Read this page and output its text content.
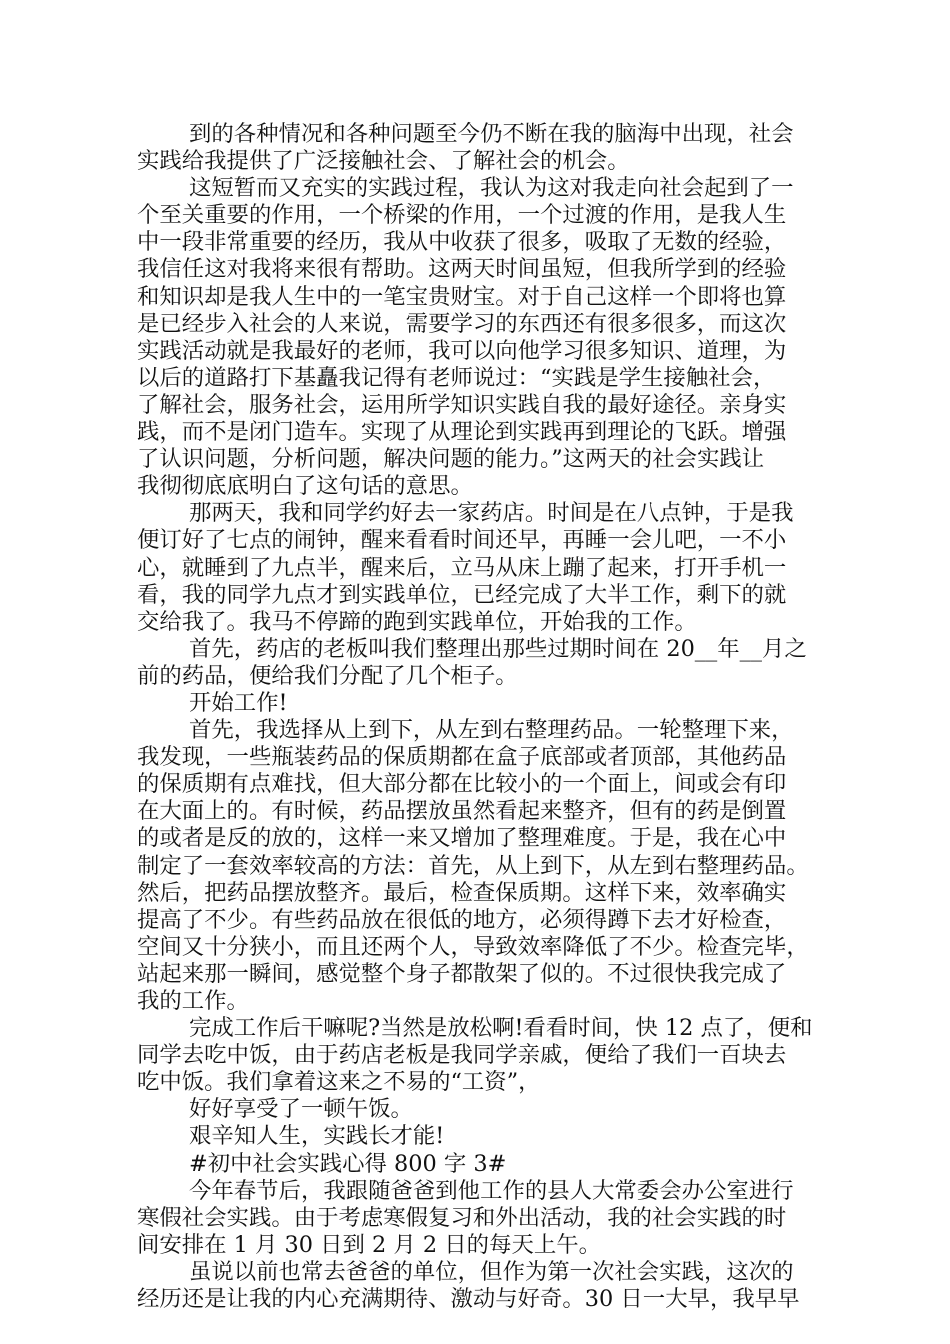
到的各种情况和各种问题至今仍不断在我的脑海中出现，社会
实践给我提供了广泛接触社会、了解社会的机会。
这短暂而又充实的实践过程，我认为这对我走向社会起到了一
个至关重要的作用，一个桥梁的作用，一个过渡的作用，是我人生
中一段非常重要的经历，我从中收获了很多，吸取了无数的经验，
我信任这对我将来很有帮助。这两天时间虽短，但我所学到的经验
和知识却是我人生中的一笔宝贵财宝。对于自己这样一个即将也算
是已经步入社会的人来说，需要学习的东西还有很多很多，而这次
实践活动就是我最好的老师，我可以向他学习很多知识、道理，为
以后的道路打下基矗我记得有老师说过：“实践是学生接触社会，
了解社会，服务社会，运用所学知识实践自我的最好途径。亲身实
践，而不是闭门造车。实现了从理论到实践再到理论的飞跃。增强
了认识问题，分析问题，解决问题的能力。”这两天的社会实践让
我彻彻底底明白了这句话的意思。
那两天，我和同学约好去一家药店。时间是在八点钟，于是我
便订好了七点的闹钟，醒来看看时间还早，再睡一会儿吧，一不小
心，就睡到了九点半，醒来后，立马从床上蹦了起来，打开手机一
看，我的同学九点才到实践单位，已经完成了大半工作，剩下的就
交给我了。我马不停蹄的跑到实践单位，开始我的工作。
首先，药店的老板叫我们整理出那些过期时间在 20__年__月之
前的药品，便给我们分配了几个柜子。
开始工作!
首先，我选择从上到下，从左到右整理药品。一轮整理下来，
我发现，一些瓶装药品的保质期都在盒子底部或者顶部，其他药品
的保质期有点难找，但大部分都在比较小的一个面上，间或会有印
在大面上的。有时候，药品摆放虽然看起来整齐，但有的药是倒置
的或者是反的放的，这样一来又增加了整理难度。于是，我在心中
制定了一套效率较高的方法：首先，从上到下，从左到右整理药品。
然后，把药品摆放整齐。最后，检查保质期。这样下来，效率确实
提高了不少。有些药品放在很低的地方，必须得蹲下去才好检查，
空间又十分狭小，而且还两个人，导致效率降低了不少。检查完毕，
站起来那一瞬间，感觉整个身子都散架了似的。不过很快我完成了
我的工作。
完成工作后干嘛呢?当然是放松啊!看看时间，快 12 点了，便和
同学去吃中饭，由于药店老板是我同学亲戚，便给了我们一百块去
吃中饭。我们拿着这来之不易的“工资”，
好好享受了一顿午饭。
艰辛知人生，实践长才能!
#初中社会实践心得 800 字 3#
今年春节后，我跟随爸爸到他工作的县人大常委会办公室进行
寒假社会实践。由于考虑寒假复习和外出活动，我的社会实践的时
间安排在 1 月 30 日到 2 月 2 日的每天上午。
虽说以前也常去爸爸的单位，但作为第一次社会实践，这次的
经历还是让我的内心充满期待、激动与好奇。30 日一大早，我早早
